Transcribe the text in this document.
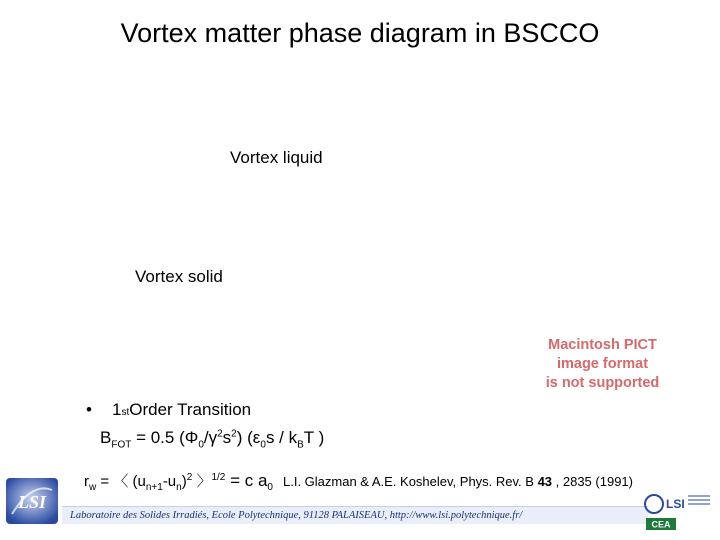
Vortex matter phase diagram in BSCCO
Vortex liquid
Vortex solid
Macintosh PICT
image format
is not supported
•	1 st Order Transition
$B_{FOT} = 0.5$ $(\Phi_0/\gamma^2s^2)$ ($\varepsilon_0s / k_BT$ )
$r_w$ = 〈 $(u_{n+1}-u_n)^2$ 〉$^{1/2}$ = c $a_0$ L.I. Glazman & A.E. Koshelev, Phys. Rev. B 43 , 2835 (1991)
LSI
Laboratoire des Solides Irradiés, Ecole Polytechnique, 91128 PALAISEAU, http://www.lsi.polytechnique.fr/
LSI
CEA
